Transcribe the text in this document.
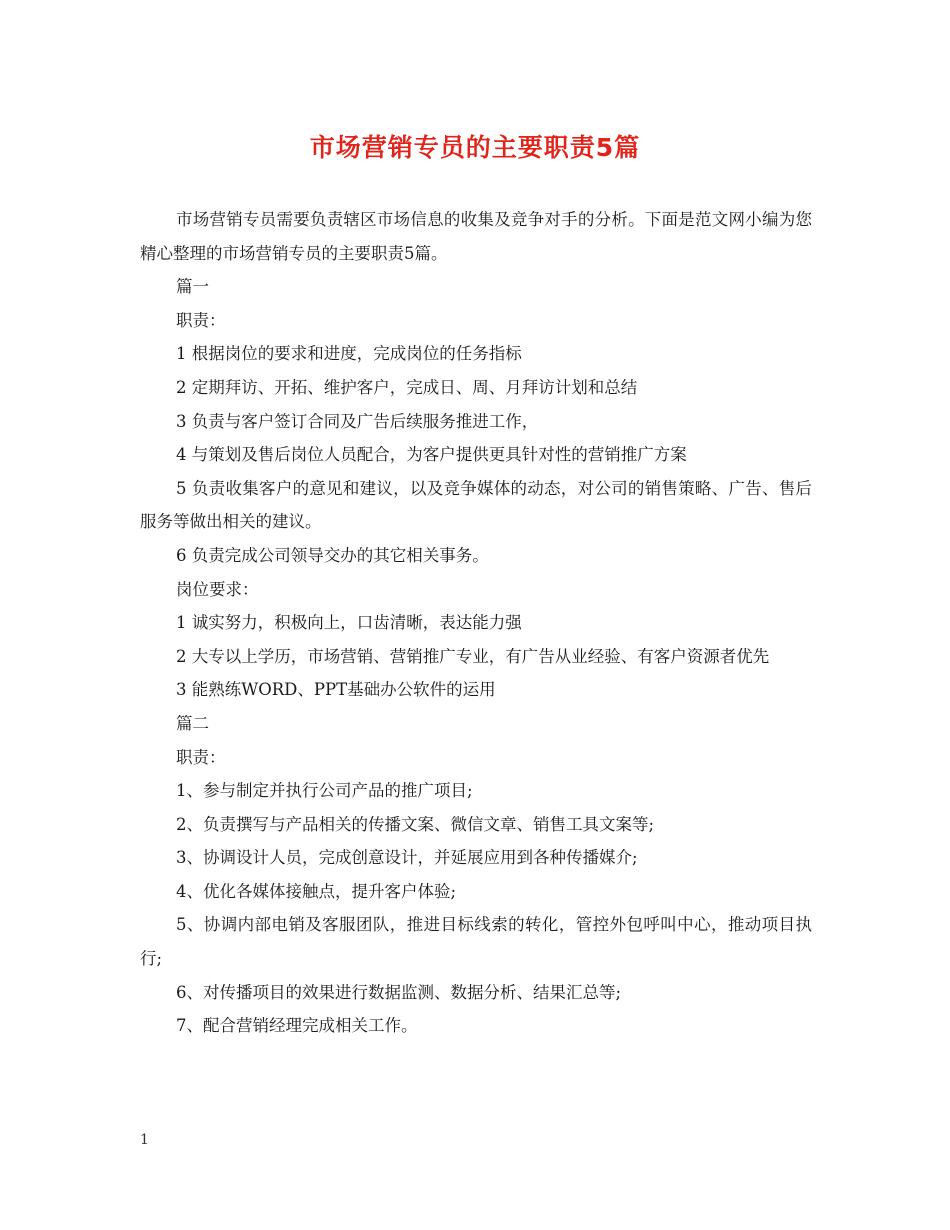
市场营销专员的主要职责5篇

市场营销专员需要负责辖区市场信息的收集及竞争对手的分析。下面是范文网小编为您精心整理的市场营销专员的主要职责5篇。

篇一

职责：

1 根据岗位的要求和进度，完成岗位的任务指标

2 定期拜访、开拓、维护客户，完成日、周、月拜访计划和总结

3 负责与客户签订合同及广告后续服务推进工作，

4 与策划及售后岗位人员配合，为客户提供更具针对性的营销推广方案

5 负责收集客户的意见和建议，以及竞争媒体的动态，对公司的销售策略、广告、售后服务等做出相关的建议。

6 负责完成公司领导交办的其它相关事务。

岗位要求：

1 诚实努力，积极向上，口齿清晰，表达能力强

2 大专以上学历，市场营销、营销推广专业，有广告从业经验、有客户资源者优先

3 能熟练WORD、PPT基础办公软件的运用

篇二

职责：

1、参与制定并执行公司产品的推广项目;

2、负责撰写与产品相关的传播文案、微信文章、销售工具文案等;

3、协调设计人员，完成创意设计，并延展应用到各种传播媒介;

4、优化各媒体接触点，提升客户体验;

5、协调内部电销及客服团队，推进目标线索的转化，管控外包呼叫中心，推动项目执行;

6、对传播项目的效果进行数据监测、数据分析、结果汇总等;

7、配合营销经理完成相关工作。

1
